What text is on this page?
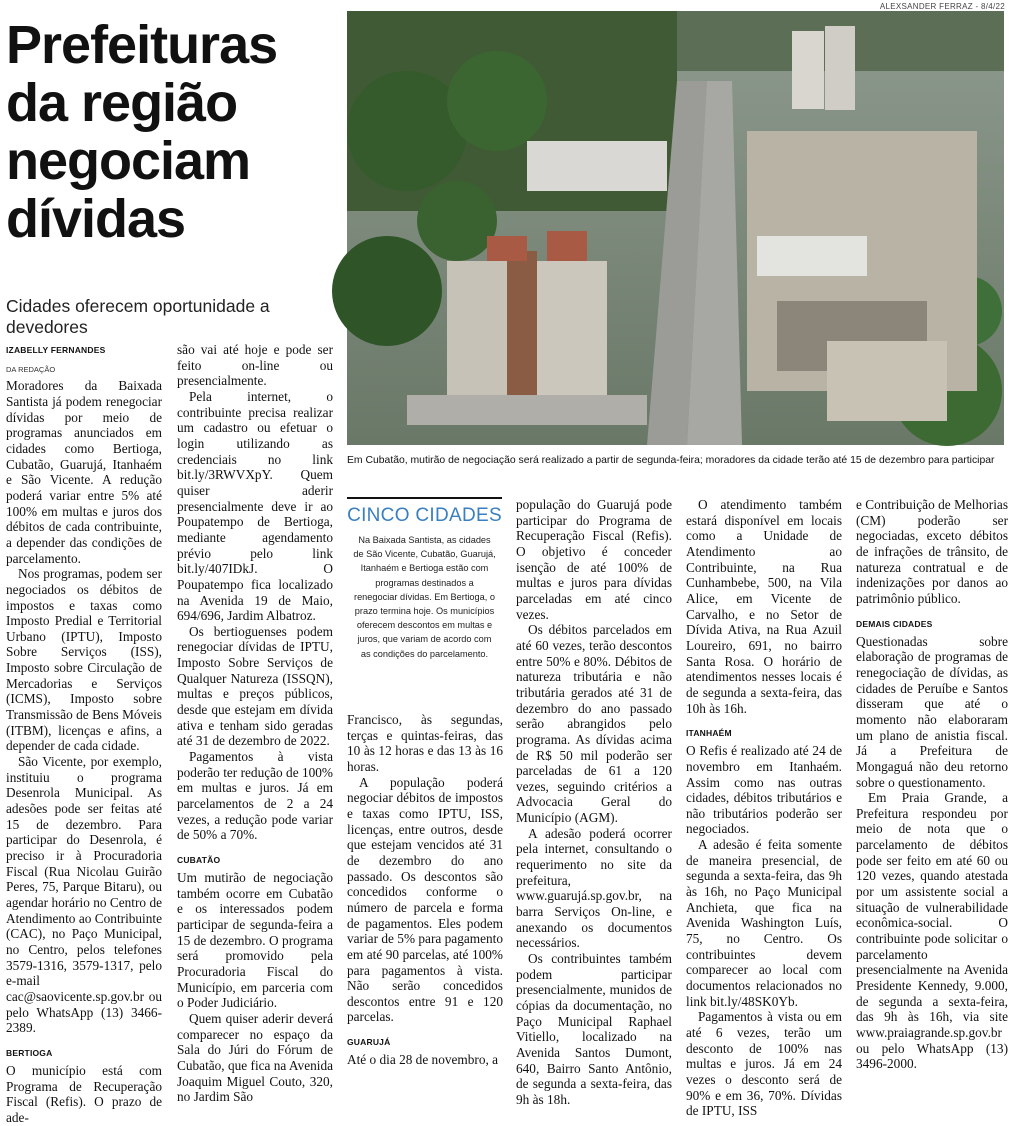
Prefeituras da região negociam dívidas
Cidades oferecem oportunidade a devedores
ALEXSANDER FERRAZ - 8/4/22
Em Cubatão, mutirão de negociação será realizado a partir de segunda-feira; moradores da cidade terão até 15 de dezembro para participar

IZABELLY FERNANDES

DA REDAÇÃO

Moradores da Baixada Santista já podem renegociar dívidas por meio de programas anunciados em cidades como Bertioga, Cubatão, Guarujá, Itanhaém e São Vicente. A redução poderá variar entre 5% até 100% em multas e juros dos débitos de cada contribuinte, a depender das condições de parcelamento.

Nos programas, podem ser negociados os débitos de impostos e taxas como Imposto Predial e Territorial Urbano (IPTU), Imposto Sobre Serviços (ISS), Imposto sobre Circulação de Mercadorias e Serviços (ICMS), Imposto sobre Transmissão de Bens Móveis (ITBM), licenças e afins, a depender de cada cidade.

São Vicente, por exemplo, instituiu o programa Desenrola Municipal. As adesões pode ser feitas até 15 de dezembro. Para participar do Desenrola, é preciso ir à Procuradoria Fiscal (Rua Nicolau Guirão Peres, 75, Parque Bitaru), ou agendar horário no Centro de Atendimento ao Contribuinte (CAC), no Paço Municipal, no Centro, pelos telefones 3579-1316, 3579-1317, pelo e-mail cac@saovicente.sp.gov.br ou pelo WhatsApp (13) 3466-2389.

BERTIOGA

O município está com Programa de Recuperação Fiscal (Refis). O prazo de ade-

são vai até hoje e pode ser feito on-line ou presencialmente.

Pela internet, o contribuinte precisa realizar um cadastro ou efetuar o login utilizando as credenciais no link bit.ly/3RWVXpY. Quem quiser aderir presencialmente deve ir ao Poupatempo de Bertioga, mediante agendamento prévio pelo link bit.ly/407IDkJ. O Poupatempo fica localizado na Avenida 19 de Maio, 694/696, Jardim Albatroz.

Os bertioguenses podem renegociar dívidas de IPTU, Imposto Sobre Serviços de Qualquer Natureza (ISSQN), multas e preços públicos, desde que estejam em dívida ativa e tenham sido geradas até 31 de dezembro de 2022.

Pagamentos à vista poderão ter redução de 100% em multas e juros. Já em parcelamentos de 2 a 24 vezes, a redução pode variar de 50% a 70%.

CUBATÃO

Um mutirão de negociação também ocorre em Cubatão e os interessados podem participar de segunda-feira a 15 de dezembro. O programa será promovido pela Procuradoria Fiscal do Município, em parceria com o Poder Judiciário.

Quem quiser aderir deverá comparecer no espaço da Sala do Júri do Fórum de Cubatão, que fica na Avenida Joaquim Miguel Couto, 320, no Jardim São

CINCO CIDADES
Na Baixada Santista, as cidades de São Vicente, Cubatão, Guarujá, Itanhaém e Bertioga estão com programas destinados a renegociar dívidas. Em Bertioga, o prazo termina hoje. Os municípios oferecem descontos em multas e juros, que variam de acordo com as condições do parcelamento.

Francisco, às segundas, terças e quintas-feiras, das 10 às 12 horas e das 13 às 16 horas.

A população poderá negociar débitos de impostos e taxas como IPTU, ISS, licenças, entre outros, desde que estejam vencidos até 31 de dezembro do ano passado. Os descontos são concedidos conforme o número de parcela e forma de pagamentos. Eles podem variar de 5% para pagamento em até 90 parcelas, até 100% para pagamentos à vista. Não serão concedidos descontos entre 91 e 120 parcelas.

GUARUJÁ

Até o dia 28 de novembro, a

população do Guarujá pode participar do Programa de Recuperação Fiscal (Refis). O objetivo é conceder isenção de até 100% de multas e juros para dívidas parceladas em até cinco vezes.

Os débitos parcelados em até 60 vezes, terão descontos entre 50% e 80%. Débitos de natureza tributária e não tributária gerados até 31 de dezembro do ano passado serão abrangidos pelo programa. As dívidas acima de R$ 50 mil poderão ser parceladas de 61 a 120 vezes, seguindo critérios a Advocacia Geral do Município (AGM).

A adesão poderá ocorrer pela internet, consultando o requerimento no site da prefeitura, www.guarujá.sp.gov.br, na barra Serviços On-line, e anexando os documentos necessários.

Os contribuintes também podem participar presencialmente, munidos de cópias da documentação, no Paço Municipal Raphael Vitiello, localizado na Avenida Santos Dumont, 640, Bairro Santo Antônio, de segunda a sexta-feira, das 9h às 18h.

O atendimento também estará disponível em locais como a Unidade de Atendimento ao Contribuinte, na Rua Cunhambebe, 500, na Vila Alice, em Vicente de Carvalho, e no Setor de Dívida Ativa, na Rua Azuil Loureiro, 691, no bairro Santa Rosa. O horário de atendimentos nesses locais é de segunda a sexta-feira, das 10h às 16h.

ITANHAÉM

O Refis é realizado até 24 de novembro em Itanhaém. Assim como nas outras cidades, débitos tributários e não tributários poderão ser negociados.

A adesão é feita somente de maneira presencial, de segunda a sexta-feira, das 9h às 16h, no Paço Municipal Anchieta, que fica na Avenida Washington Luís, 75, no Centro. Os contribuintes devem comparecer ao local com documentos relacionados no link bit.ly/48SK0Yb.

Pagamentos à vista ou em até 6 vezes, terão um desconto de 100% nas multas e juros. Já em 24 vezes o desconto será de 90% e em 36, 70%. Dívidas de IPTU, ISS

e Contribuição de Melhorias (CM) poderão ser negociadas, exceto débitos de infrações de trânsito, de natureza contratual e de indenizações por danos ao patrimônio público.

DEMAIS CIDADES

Questionadas sobre elaboração de programas de renegociação de dívidas, as cidades de Peruíbe e Santos disseram que até o momento não elaboraram um plano de anistia fiscal. Já a Prefeitura de Mongaguá não deu retorno sobre o questionamento.

Em Praia Grande, a Prefeitura respondeu por meio de nota que o parcelamento de débitos pode ser feito em até 60 ou 120 vezes, quando atestada por um assistente social a situação de vulnerabilidade econômica-social. O contribuinte pode solicitar o parcelamento presencialmente na Avenida Presidente Kennedy, 9.000, de segunda a sexta-feira, das 9h às 16h, via site www.praiagrande.sp.gov.br ou pelo WhatsApp (13) 3496-2000.
